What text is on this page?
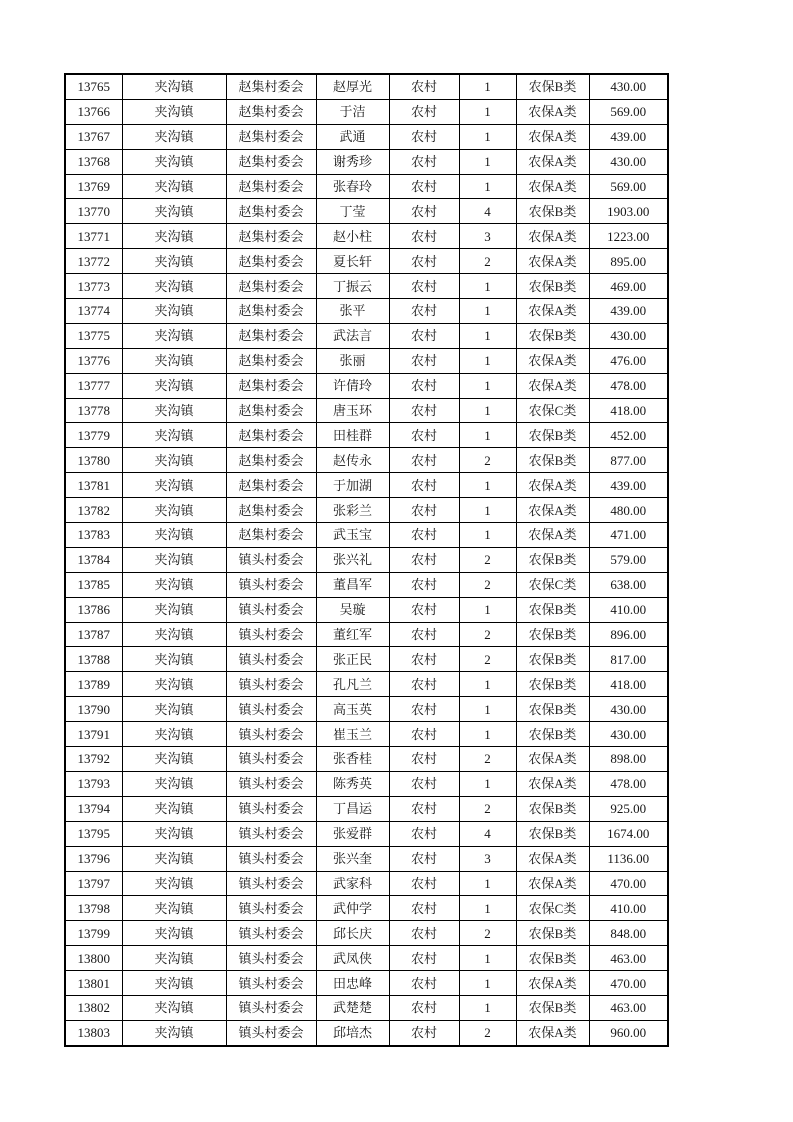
13765	夹沟镇	赵集村委会	赵厚光	农村	1	农保B类	430.00
13766	夹沟镇	赵集村委会	于洁	农村	1	农保A类	569.00
13767	夹沟镇	赵集村委会	武通	农村	1	农保A类	439.00
13768	夹沟镇	赵集村委会	谢秀珍	农村	1	农保A类	430.00
13769	夹沟镇	赵集村委会	张春玲	农村	1	农保A类	569.00
13770	夹沟镇	赵集村委会	丁莹	农村	4	农保B类	1903.00
13771	夹沟镇	赵集村委会	赵小柱	农村	3	农保A类	1223.00
13772	夹沟镇	赵集村委会	夏长轩	农村	2	农保A类	895.00
13773	夹沟镇	赵集村委会	丁振云	农村	1	农保B类	469.00
13774	夹沟镇	赵集村委会	张平	农村	1	农保A类	439.00
13775	夹沟镇	赵集村委会	武法言	农村	1	农保B类	430.00
13776	夹沟镇	赵集村委会	张丽	农村	1	农保A类	476.00
13777	夹沟镇	赵集村委会	许倩玲	农村	1	农保A类	478.00
13778	夹沟镇	赵集村委会	唐玉环	农村	1	农保C类	418.00
13779	夹沟镇	赵集村委会	田桂群	农村	1	农保B类	452.00
13780	夹沟镇	赵集村委会	赵传永	农村	2	农保B类	877.00
13781	夹沟镇	赵集村委会	于加湖	农村	1	农保A类	439.00
13782	夹沟镇	赵集村委会	张彩兰	农村	1	农保A类	480.00
13783	夹沟镇	赵集村委会	武玉宝	农村	1	农保A类	471.00
13784	夹沟镇	镇头村委会	张兴礼	农村	2	农保B类	579.00
13785	夹沟镇	镇头村委会	董昌军	农村	2	农保C类	638.00
13786	夹沟镇	镇头村委会	吴璇	农村	1	农保B类	410.00
13787	夹沟镇	镇头村委会	董红军	农村	2	农保B类	896.00
13788	夹沟镇	镇头村委会	张正民	农村	2	农保B类	817.00
13789	夹沟镇	镇头村委会	孔凡兰	农村	1	农保B类	418.00
13790	夹沟镇	镇头村委会	高玉英	农村	1	农保B类	430.00
13791	夹沟镇	镇头村委会	崔玉兰	农村	1	农保B类	430.00
13792	夹沟镇	镇头村委会	张香桂	农村	2	农保A类	898.00
13793	夹沟镇	镇头村委会	陈秀英	农村	1	农保A类	478.00
13794	夹沟镇	镇头村委会	丁昌运	农村	2	农保B类	925.00
13795	夹沟镇	镇头村委会	张爱群	农村	4	农保B类	1674.00
13796	夹沟镇	镇头村委会	张兴奎	农村	3	农保A类	1136.00
13797	夹沟镇	镇头村委会	武家科	农村	1	农保A类	470.00
13798	夹沟镇	镇头村委会	武仲学	农村	1	农保C类	410.00
13799	夹沟镇	镇头村委会	邱长庆	农村	2	农保B类	848.00
13800	夹沟镇	镇头村委会	武凤侠	农村	1	农保B类	463.00
13801	夹沟镇	镇头村委会	田忠峰	农村	1	农保A类	470.00
13802	夹沟镇	镇头村委会	武楚楚	农村	1	农保B类	463.00
13803	夹沟镇	镇头村委会	邱培杰	农村	2	农保A类	960.00
